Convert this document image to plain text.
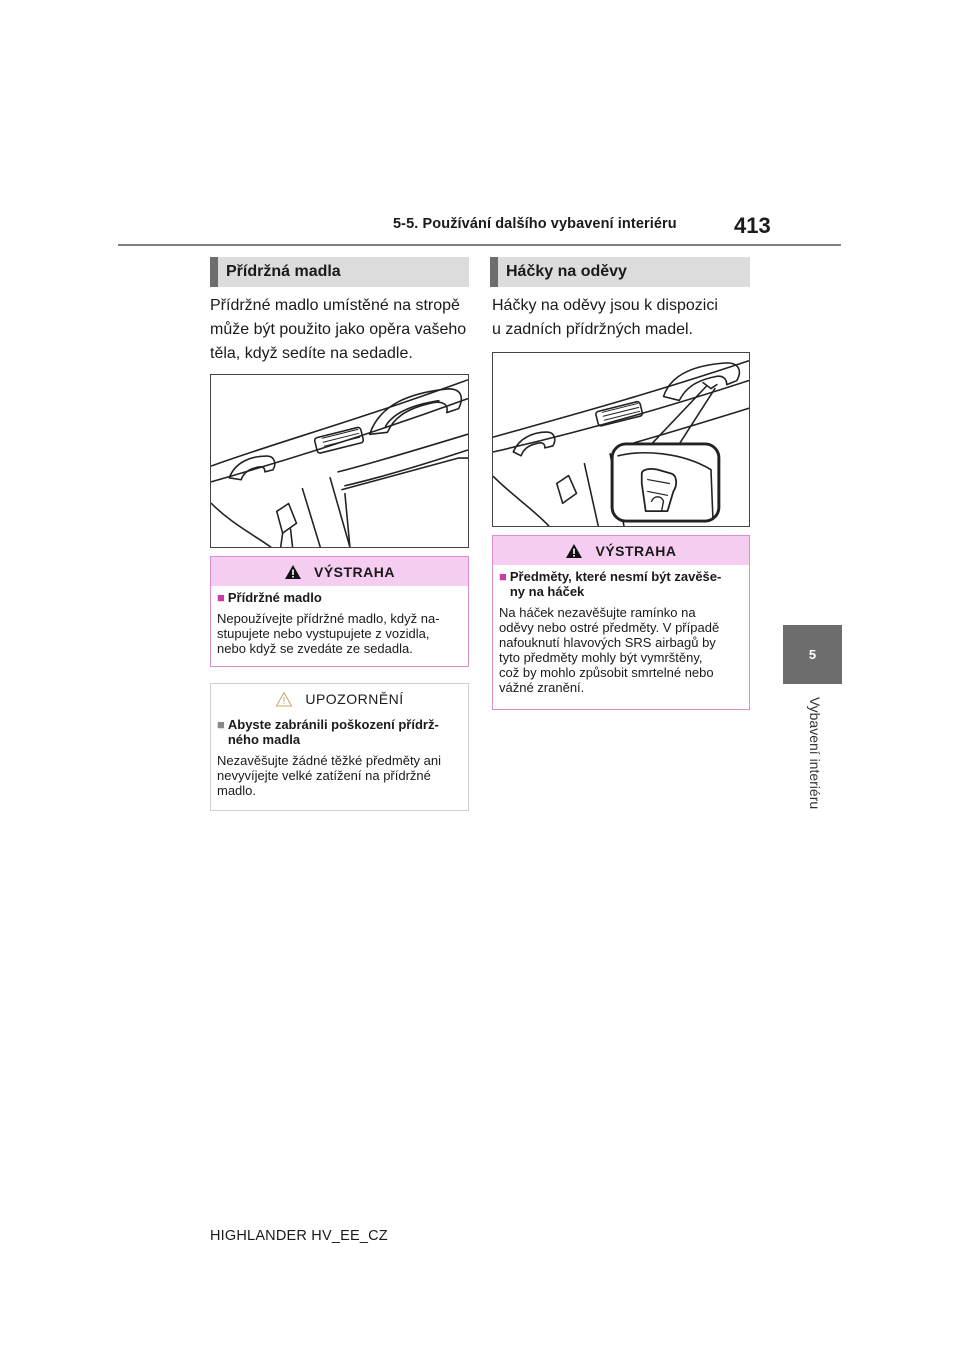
5-5. Používání dalšího vybavení interiéru	413
5
Vybavení interiéru
Přídržná madla
Přídržné madlo umístěné na stropě
může být použito jako opěra vašeho
těla, když sedíte na sedadle.
VÝSTRAHA
■ Přídržné madlo
Nepoužívejte přídržné madlo, když na-
stupujete nebo vystupujete z vozidla,
nebo když se zvedáte ze sedadla.
UPOZORNĚNÍ
■ Abyste zabránili poškození přídrž-
ného madla
Nezavěšujte žádné těžké předměty ani
nevyvíjejte velké zatížení na přídržné
madlo.
Háčky na oděvy
Háčky na oděvy jsou k dispozici
u zadních přídržných madel.
VÝSTRAHA
■ Předměty, které nesmí být zavěše-
ny na háček
Na háček nezavěšujte ramínko na
oděvy nebo ostré předměty. V případě
nafouknutí hlavových SRS airbagů by
tyto předměty mohly být vymrštěny,
což by mohlo způsobit smrtelné nebo
vážné zranění.
HIGHLANDER HV_EE_CZ
